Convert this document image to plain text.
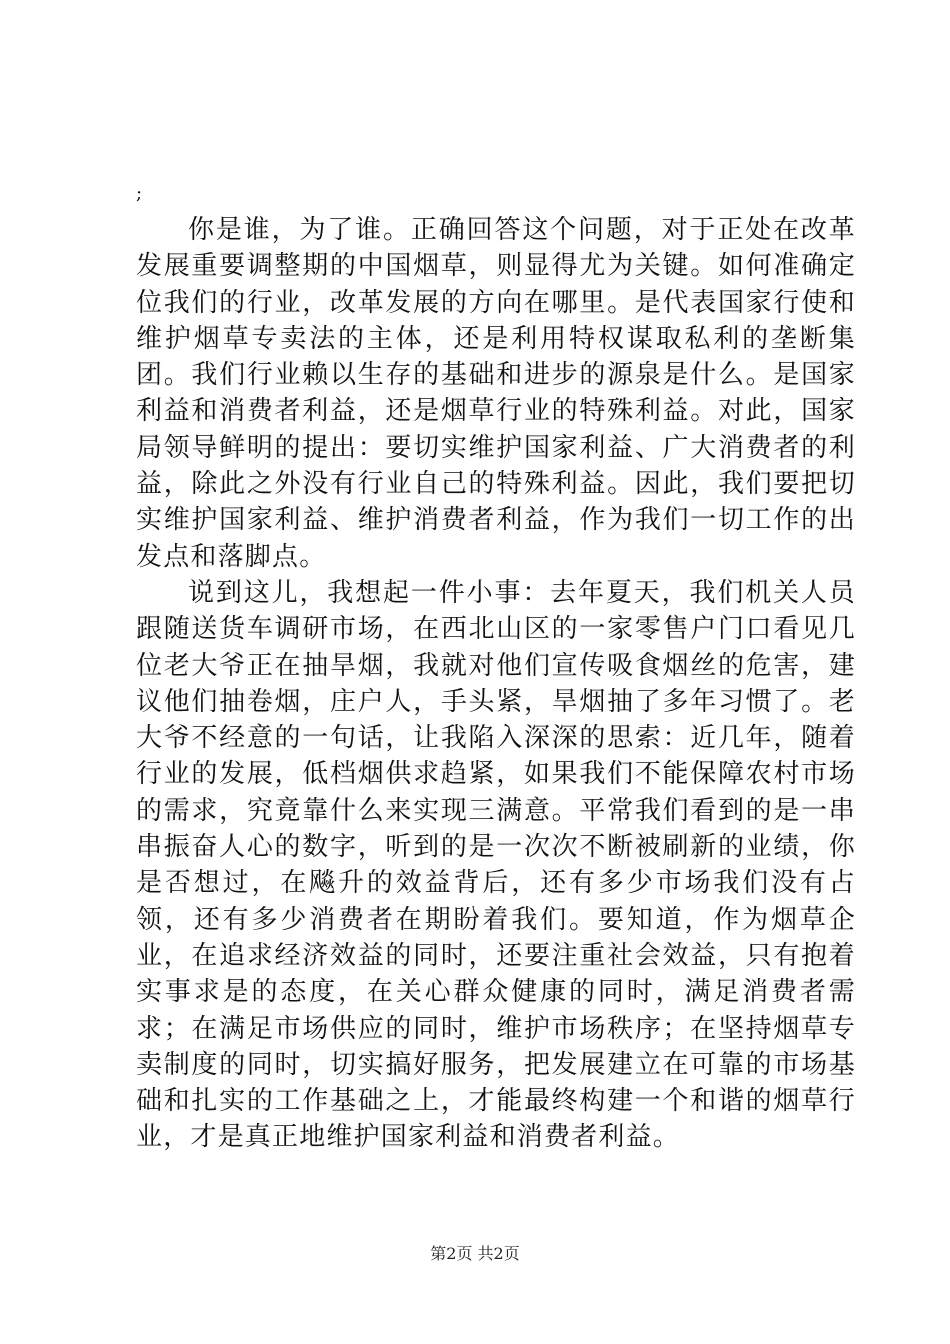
;

你是谁，为了谁。正确回答这个问题，对于正处在改革发展重要调整期的中国烟草，则显得尤为关键。如何准确定位我们的行业，改革发展的方向在哪里。是代表国家行使和维护烟草专卖法的主体，还是利用特权谋取私利的垄断集团。我们行业赖以生存的基础和进步的源泉是什么。是国家利益和消费者利益，还是烟草行业的特殊利益。对此，国家局领导鲜明的提出：要切实维护国家利益、广大消费者的利益，除此之外没有行业自己的特殊利益。因此，我们要把切实维护国家利益、维护消费者利益，作为我们一切工作的出发点和落脚点。

说到这儿，我想起一件小事：去年夏天，我们机关人员跟随送货车调研市场，在西北山区的一家零售户门口看见几位老大爷正在抽旱烟，我就对他们宣传吸食烟丝的危害，建议他们抽卷烟，庄户人，手头紧，旱烟抽了多年习惯了。老大爷不经意的一句话，让我陷入深深的思索：近几年，随着行业的发展，低档烟供求趋紧，如果我们不能保障农村市场的需求，究竟靠什么来实现三满意。平常我们看到的是一串串振奋人心的数字，听到的是一次次不断被刷新的业绩，你是否想过，在飚升的效益背后，还有多少市场我们没有占领，还有多少消费者在期盼着我们。要知道，作为烟草企业，在追求经济效益的同时，还要注重社会效益，只有抱着实事求是的态度，在关心群众健康的同时，满足消费者需求；在满足市场供应的同时，维护市场秩序；在坚持烟草专卖制度的同时，切实搞好服务，把发展建立在可靠的市场基础和扎实的工作基础之上，才能最终构建一个和谐的烟草行业，才是真正地维护国家利益和消费者利益。

第2页 共2页
